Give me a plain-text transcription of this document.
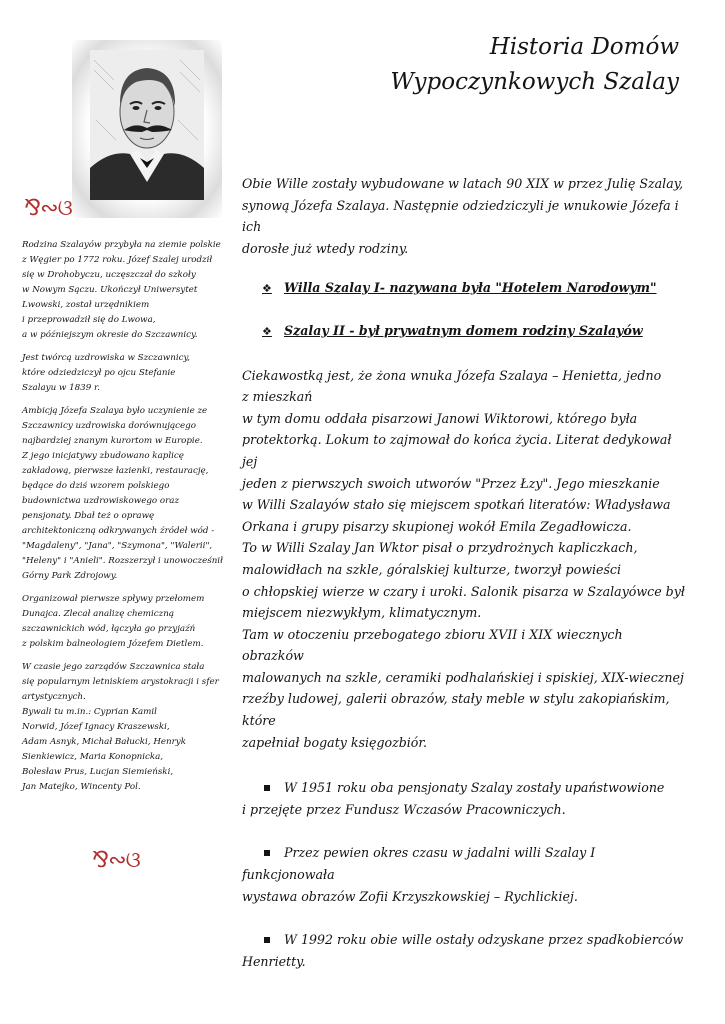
Historia Domów
Wypoczynkowych Szalay
⅋∾ଓ

Rodzina Szalayów przybyła na ziemie polskie
z Węgier po 1772 roku. Józef Szalej urodził
się w Drohobyczu, uczęszczał do szkoły
w Nowym Sączu. Ukończył Uniwersytet
Lwowski, został urzędnikiem
i przeprowadził się do Lwowa,
a w późniejszym okresie do Szczawnicy.

Jest twórcą uzdrowiska w Szczawnicy,
które odziedziczył po ojcu Stefanie
Szalayu w 1839 r.

Ambicją Józefa Szalaya było uczynienie ze
Szczawnicy uzdrowiska dorównującego
najbardziej znanym kurortom w Europie.
Z jego inicjatywy zbudowano kaplicę
zakładową, pierwsze łazienki, restaurację,
będące do dziś wzorem polskiego
budownictwa uzdrowiskowego oraz
pensjonaty. Dbał też o oprawę
architektoniczną odkrywanych źródeł wód -
"Magdaleny", "Jana", "Szymona", "Walerii",
"Heleny" i "Anieli". Rozszerzył i unowocześnił
Górny Park Zdrojowy.

Organizował pierwsze spływy przełomem
Dunajca. Zlecał analizę chemiczną
szczawnickich wód, łączyła go przyjaźń
z polskim balneologiem Józefem Dietlem.

W czasie jego zarządów Szczawnica stała
się popularnym letniskiem arystokracji i sfer
artystycznych.
Bywali tu m.in.: Cyprian Kamil
Norwid, Józef Ignacy Kraszewski,
Adam Asnyk, Michał Bałucki, Henryk
Sienkiewicz, Maria Konopnicka,
Bolesław Prus, Lucjan Siemieński,
Jan Matejko, Wincenty Pol.

⅋∾ଓ

Obie Wille zostały wybudowane w latach 90 XIX w przez Julię Szalay,
synową Józefa Szalaya. Następnie odziedziczyli je wnukowie Józefa i ich
dorosłe już wtedy rodziny.

❖ Willa Szalay I- nazywana była "Hotelem Narodowym"
❖ Szalay II - był prywatnym domem rodziny Szalayów

Ciekawostką jest, że żona wnuka Józefa Szalaya – Henietta, jedno
z mieszkań
w tym domu oddała pisarzowi Janowi Wiktorowi, którego była
protektorką. Lokum to zajmował do końca życia. Literat dedykował jej
jeden z pierwszych swoich utworów "Przez Łzy". Jego mieszkanie
w Willi Szalayów stało się miejscem spotkań literatów: Władysława
Orkana i grupy pisarzy skupionej wokół Emila Zegadłowicza.
To w Willi Szalay Jan Wktor pisał o przydrożnych kapliczkach,
malowidłach na szkle, góralskiej kulturze, tworzył powieści
o chłopskiej wierze w czary i uroki. Salonik pisarza w Szalayówce był
miejscem niezwykłym, klimatycznym.
Tam w otoczeniu przebogatego zbioru XVII i XIX wiecznych obrazków
malowanych na szkle, ceramiki podhalańskiej i spiskiej, XIX-wiecznej
rzeźby ludowej, galerii obrazów, stały meble w stylu zakopiańskim, które
zapełniał bogaty księgozbiór.

W 1951 roku oba pensjonaty Szalay zostały upaństwowione
i przejęte przez Fundusz Wczasów Pracowniczych.
Przez pewien okres czasu w jadalni willi Szalay I funkcjonowała
wystawa obrazów Zofii Krzyszkowskiej – Rychlickiej.
W 1992 roku obie wille ostały odzyskane przez spadkobierców
Henrietty.
